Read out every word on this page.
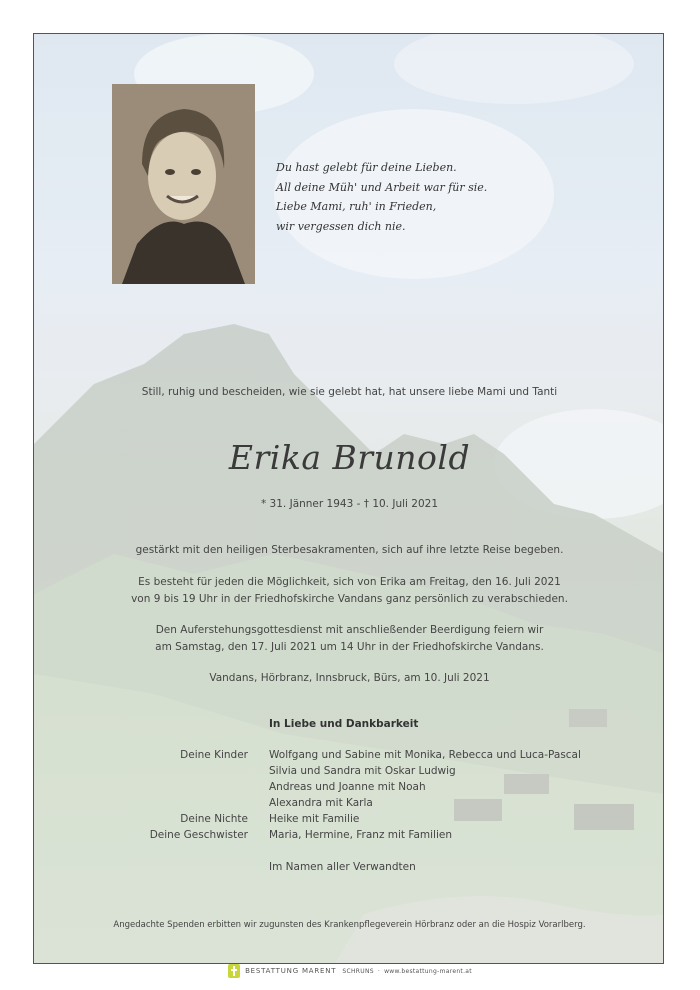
Du hast gelebt für deine Lieben.
All deine Müh' und Arbeit war für sie.
Liebe Mami, ruh' in Frieden,
wir vergessen dich nie.
Still, ruhig und bescheiden, wie sie gelebt hat, hat unsere liebe Mami und Tanti
Erika Brunold
* 31. Jänner 1943 - † 10. Juli 2021
gestärkt mit den heiligen Sterbesakramenten, sich auf ihre letzte Reise begeben.
Es besteht für jeden die Möglichkeit, sich von Erika am Freitag, den 16. Juli 2021
von 9 bis 19 Uhr in der Friedhofskirche Vandans ganz persönlich zu verabschieden.
Den Auferstehungsgottesdienst mit anschließender Beerdigung feiern wir
am Samstag, den 17. Juli 2021 um 14 Uhr in der Friedhofskirche Vandans.
Vandans, Hörbranz, Innsbruck, Bürs, am 10. Juli 2021
In Liebe und Dankbarkeit
Deine Kinder

Deine Nichte
Deine Geschwister
Wolfgang und Sabine mit Monika, Rebecca und Luca-Pascal
Silvia und Sandra mit Oskar Ludwig
Andreas und Joanne mit Noah
Alexandra mit Karla
Heike mit Familie
Maria, Hermine, Franz mit Familien
Im Namen aller Verwandten
Angedachte Spenden erbitten wir zugunsten des Krankenpflegeverein Hörbranz oder an die Hospiz Vorarlberg.
BESTATTUNG MARENT SCHRUNS · www.bestattung-marent.at
